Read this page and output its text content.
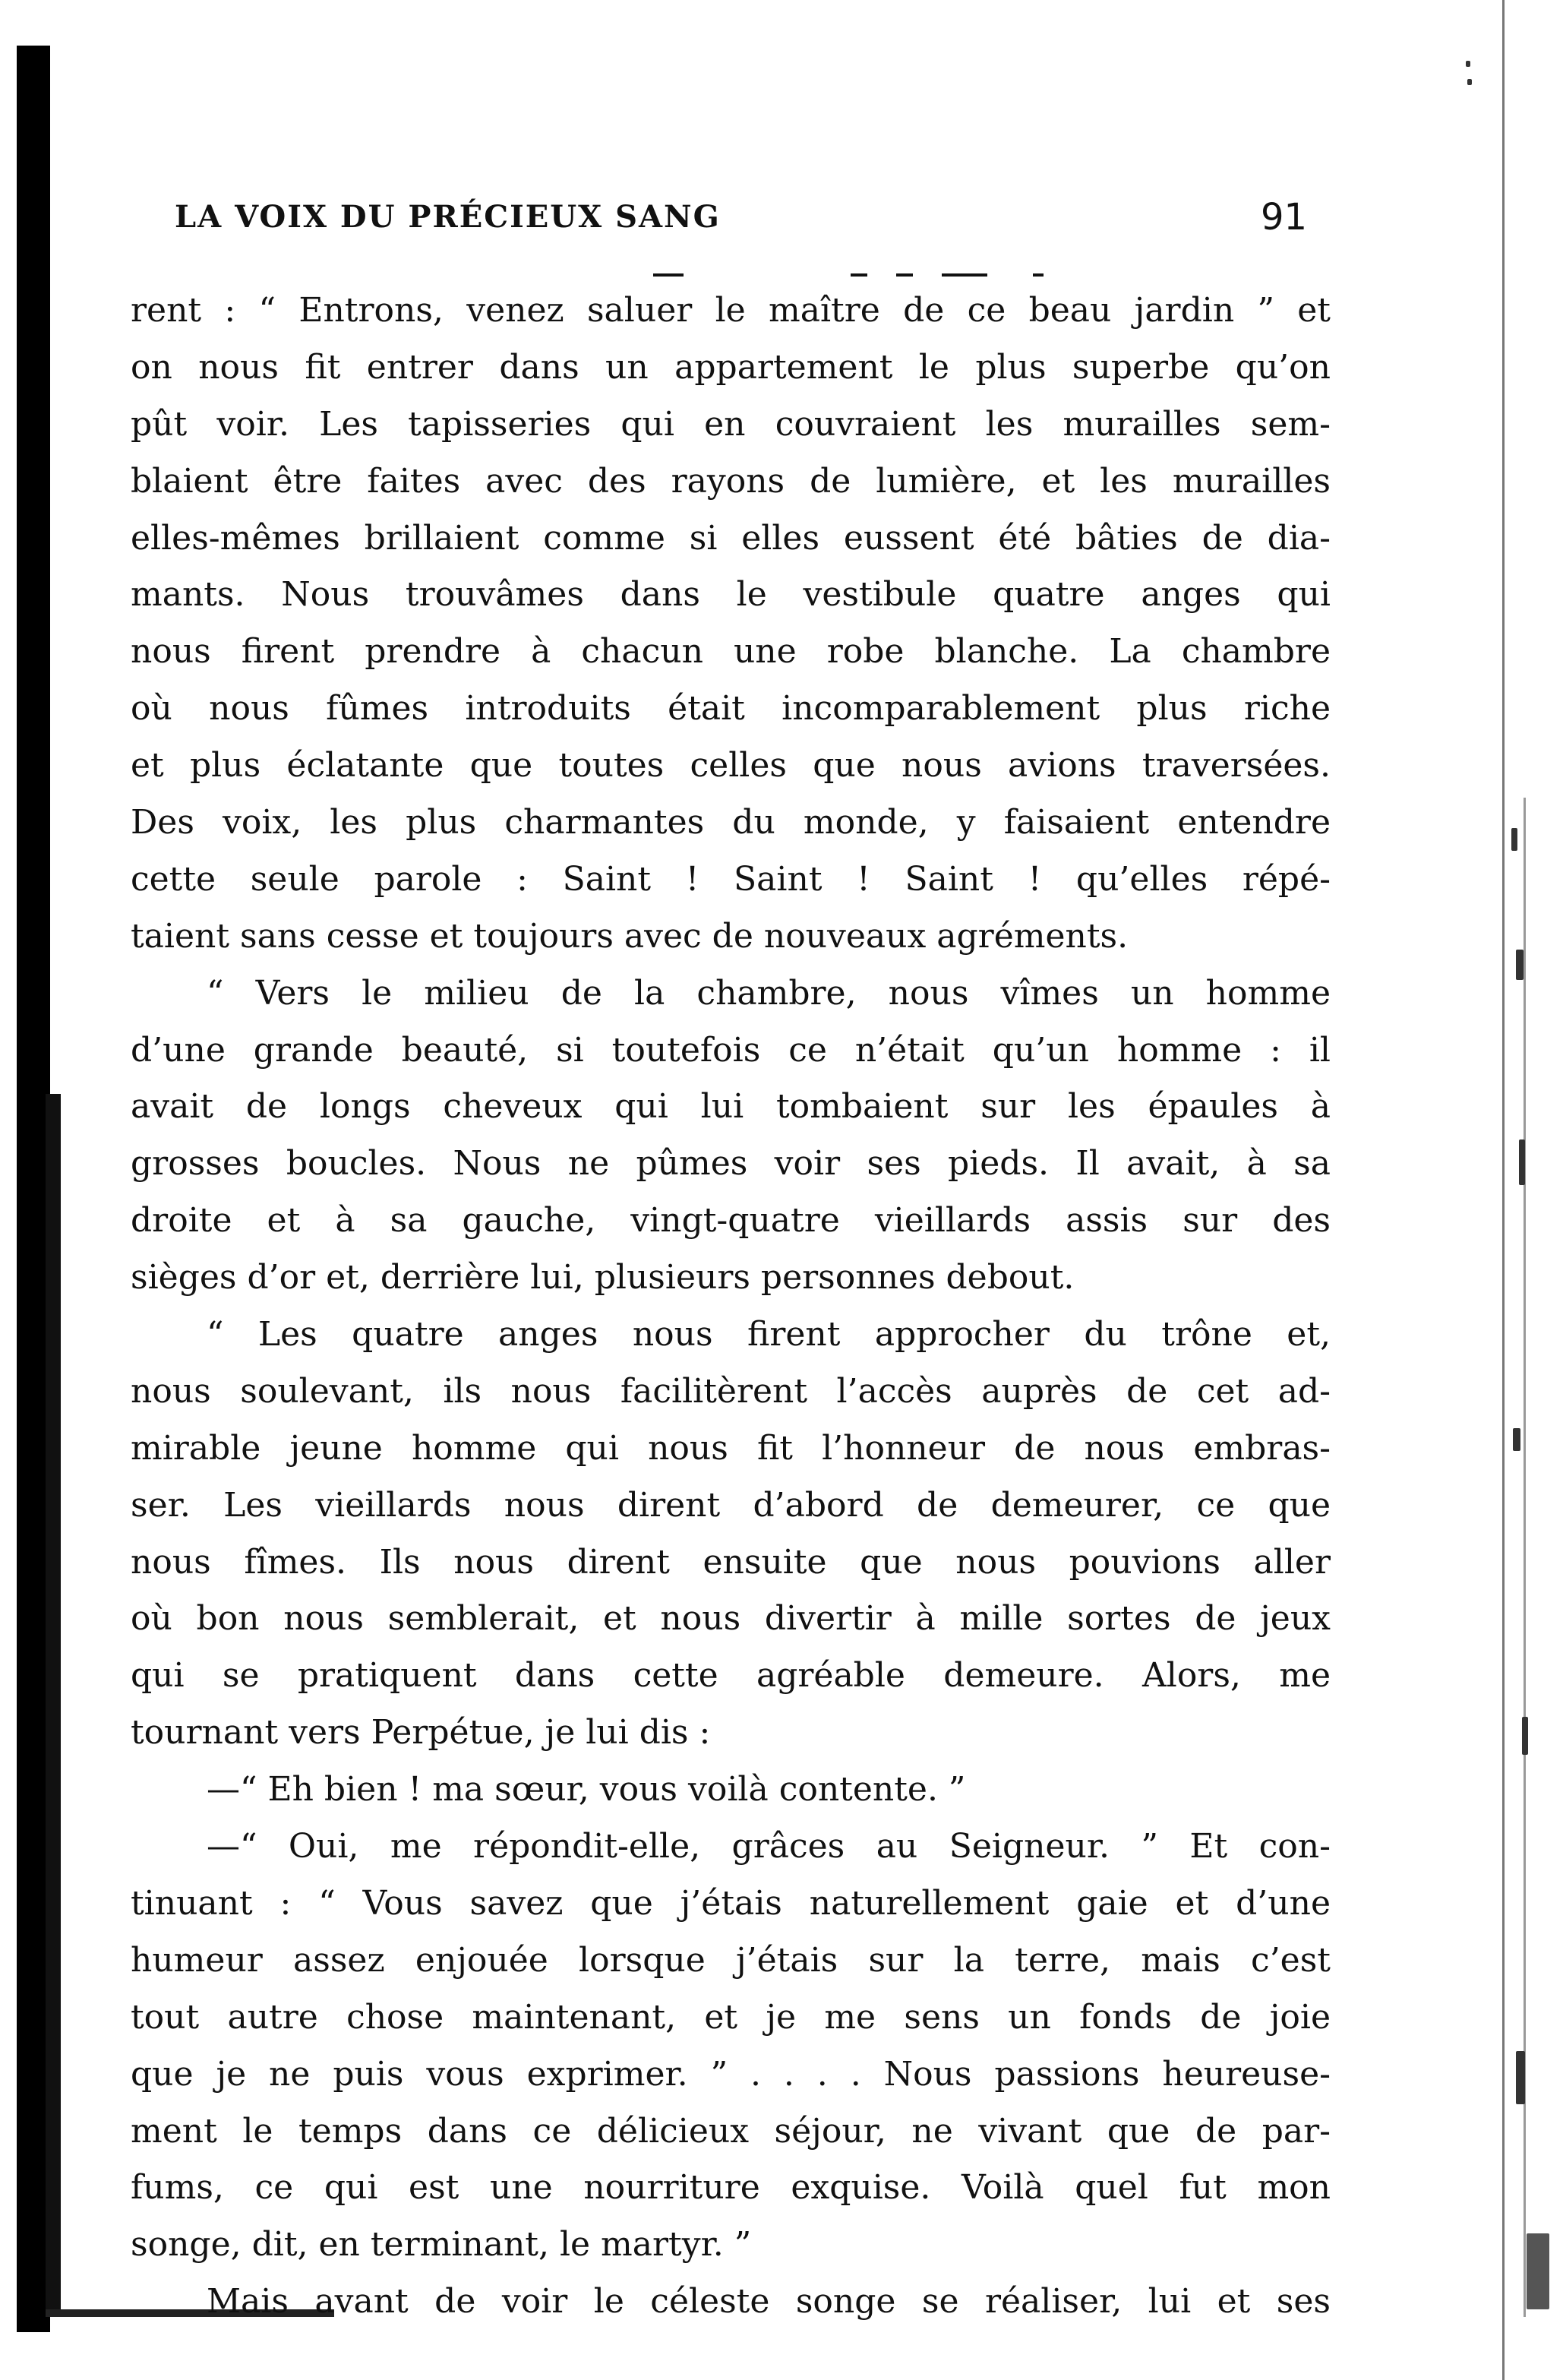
LA VOIX DU PRÉCIEUX SANG	91
rent : “ Entrons, venez saluer le maître de ce beau jardin ” et
on nous fit entrer dans un appartement le plus superbe qu’on
pût voir. Les tapisseries qui en couvraient les murailles sem-
blaient être faites avec des rayons de lumière, et les murailles
elles-mêmes brillaient comme si elles eussent été bâties de dia-
mants. Nous trouvâmes dans le vestibule quatre anges qui
nous firent prendre à chacun une robe blanche. La chambre
où nous fûmes introduits était incomparablement plus riche
et plus éclatante que toutes celles que nous avions traversées.
Des voix, les plus charmantes du monde, y faisaient entendre
cette seule parole : Saint ! Saint ! Saint ! qu’elles répé-
taient sans cesse et toujours avec de nouveaux agréments.
“ Vers le milieu de la chambre, nous vîmes un homme
d’une grande beauté, si toutefois ce n’était qu’un homme : il
avait de longs cheveux qui lui tombaient sur les épaules à
grosses boucles. Nous ne pûmes voir ses pieds. Il avait, à sa
droite et à sa gauche, vingt-quatre vieillards assis sur des
sièges d’or et, derrière lui, plusieurs personnes debout.
“ Les quatre anges nous firent approcher du trône et,
nous soulevant, ils nous facilitèrent l’accès auprès de cet ad-
mirable jeune homme qui nous fit l’honneur de nous embras-
ser. Les vieillards nous dirent d’abord de demeurer, ce que
nous fîmes. Ils nous dirent ensuite que nous pouvions aller
où bon nous semblerait, et nous divertir à mille sortes de jeux
qui se pratiquent dans cette agréable demeure. Alors, me
tournant vers Perpétue, je lui dis :
—“ Eh bien ! ma sœur, vous voilà contente. ”
—“ Oui, me répondit-elle, grâces au Seigneur. ” Et con-
tinuant : “ Vous savez que j’étais naturellement gaie et d’une
humeur assez enjouée lorsque j’étais sur la terre, mais c’est
tout autre chose maintenant, et je me sens un fonds de joie
que je ne puis vous exprimer. ” . . . . Nous passions heureuse-
ment le temps dans ce délicieux séjour, ne vivant que de par-
fums, ce qui est une nourriture exquise. Voilà quel fut mon
songe, dit, en terminant, le martyr. ”
Mais avant de voir le céleste songe se réaliser, lui et ses
